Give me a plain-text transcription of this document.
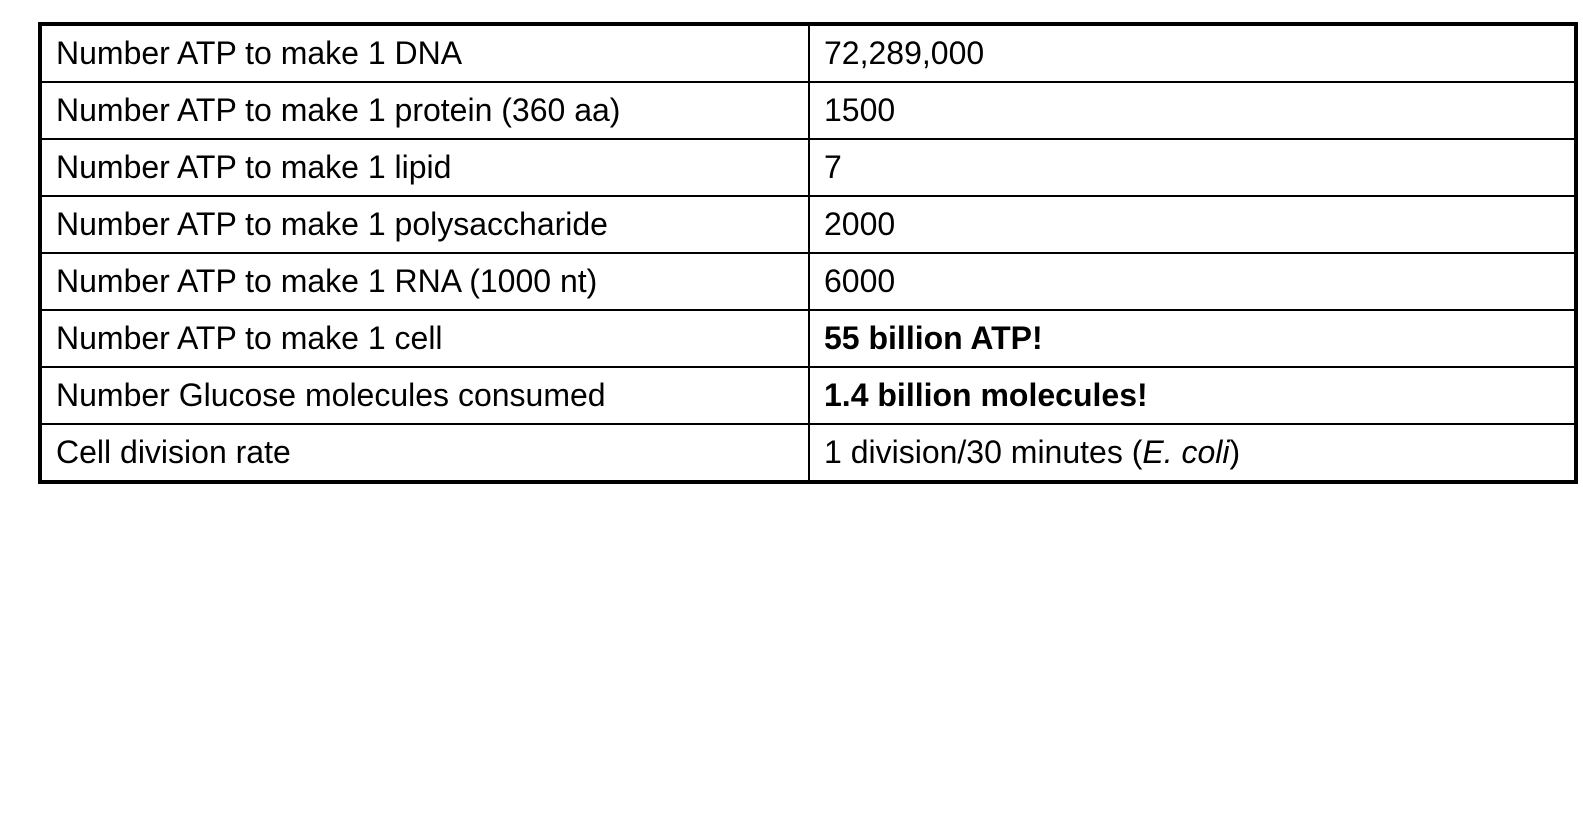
Number ATP to make 1 DNA	72,289,000
Number ATP to make 1 protein (360 aa)	1500
Number ATP to make 1 lipid	7
Number ATP to make 1 polysaccharide	2000
Number ATP to make 1 RNA (1000 nt)	6000
Number ATP to make 1 cell	55 billion ATP!
Number Glucose molecules consumed	1.4 billion molecules!
Cell division rate	1 division/30 minutes (E. coli)
